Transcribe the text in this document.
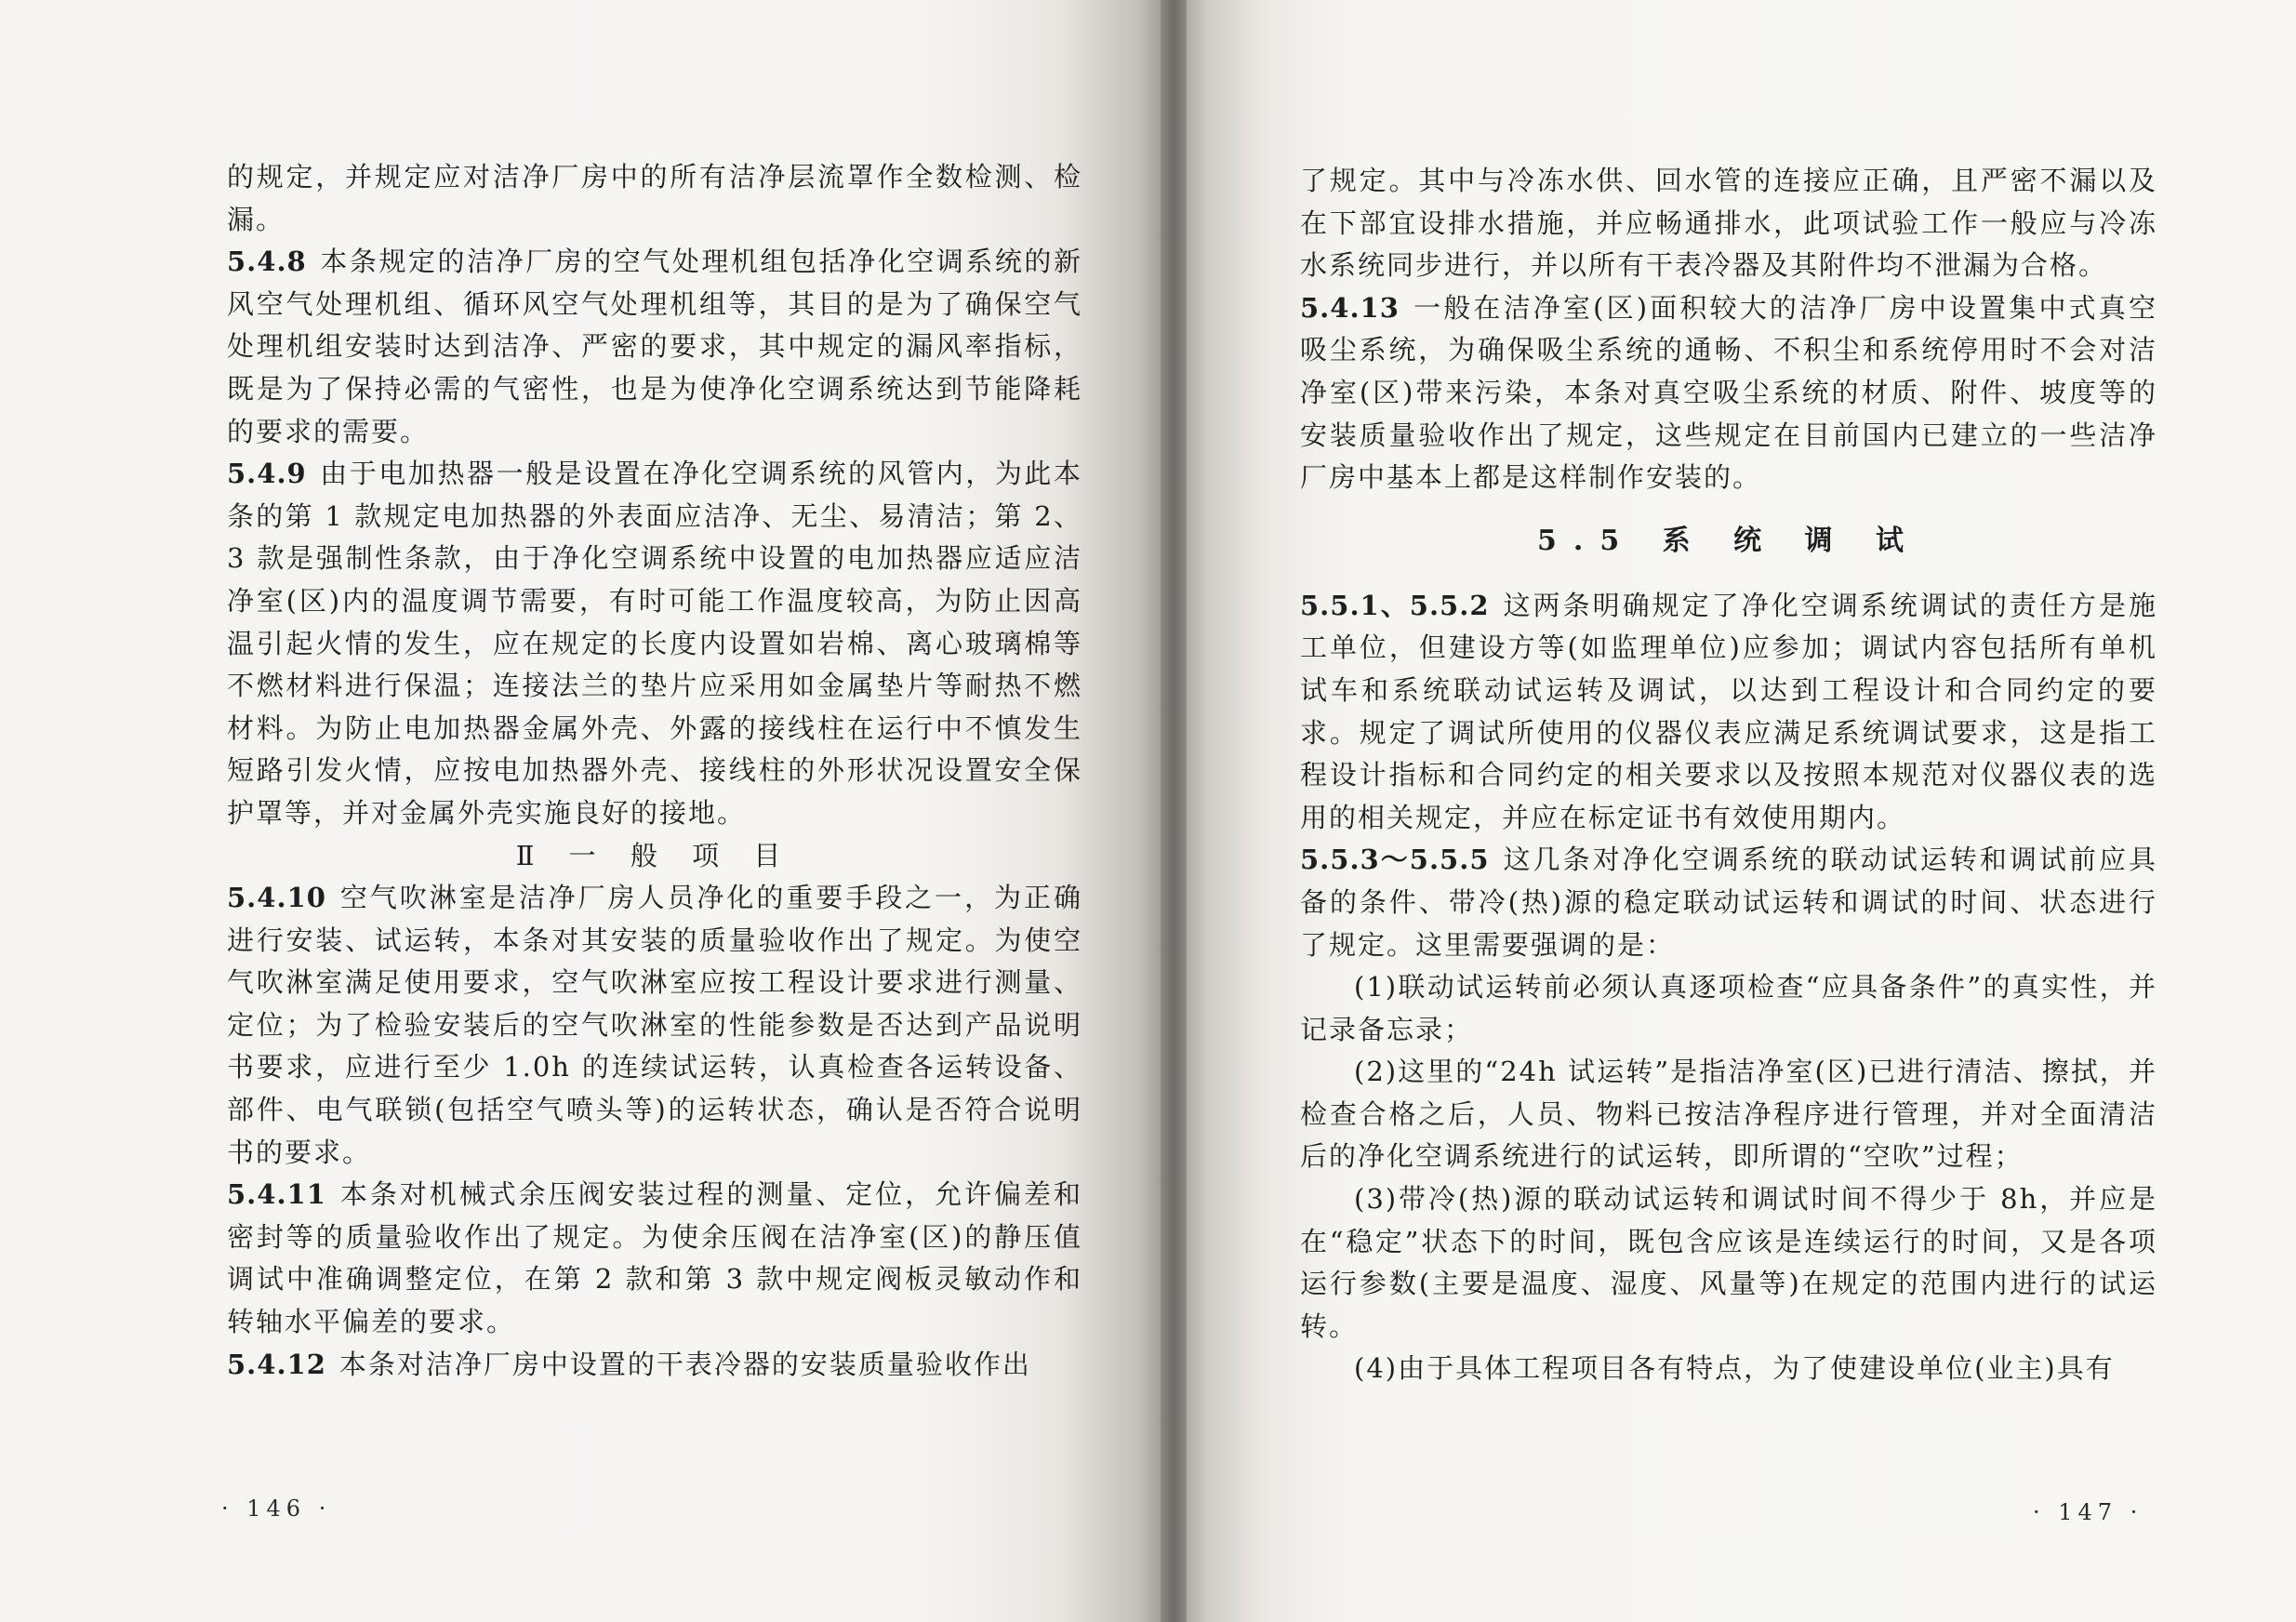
的规定，并规定应对洁净厂房中的所有洁净层流罩作全数检测、检漏。

5.4.8 本条规定的洁净厂房的空气处理机组包括净化空调系统的新风空气处理机组、循环风空气处理机组等，其目的是为了确保空气处理机组安装时达到洁净、严密的要求，其中规定的漏风率指标，既是为了保持必需的气密性，也是为使净化空调系统达到节能降耗的要求的需要。

5.4.9 由于电加热器一般是设置在净化空调系统的风管内，为此本条的第 1 款规定电加热器的外表面应洁净、无尘、易清洁；第 2、3 款是强制性条款，由于净化空调系统中设置的电加热器应适应洁净室(区)内的温度调节需要，有时可能工作温度较高，为防止因高温引起火情的发生，应在规定的长度内设置如岩棉、离心玻璃棉等不燃材料进行保温；连接法兰的垫片应采用如金属垫片等耐热不燃材料。为防止电加热器金属外壳、外露的接线柱在运行中不慎发生短路引发火情，应按电加热器外壳、接线柱的外形状况设置安全保护罩等，并对金属外壳实施良好的接地。

Ⅱ 一 般 项 目

5.4.10 空气吹淋室是洁净厂房人员净化的重要手段之一，为正确进行安装、试运转，本条对其安装的质量验收作出了规定。为使空气吹淋室满足使用要求，空气吹淋室应按工程设计要求进行测量、定位；为了检验安装后的空气吹淋室的性能参数是否达到产品说明书要求，应进行至少 1.0h 的连续试运转，认真检查各运转设备、部件、电气联锁(包括空气喷头等)的运转状态，确认是否符合说明书的要求。

5.4.11 本条对机械式余压阀安装过程的测量、定位，允许偏差和密封等的质量验收作出了规定。为使余压阀在洁净室(区)的静压值调试中准确调整定位，在第 2 款和第 3 款中规定阀板灵敏动作和转轴水平偏差的要求。

5.4.12 本条对洁净厂房中设置的干表冷器的安装质量验收作出

· 146 ·

了规定。其中与冷冻水供、回水管的连接应正确，且严密不漏以及在下部宜设排水措施，并应畅通排水，此项试验工作一般应与冷冻水系统同步进行，并以所有干表冷器及其附件均不泄漏为合格。

5.4.13 一般在洁净室(区)面积较大的洁净厂房中设置集中式真空吸尘系统，为确保吸尘系统的通畅、不积尘和系统停用时不会对洁净室(区)带来污染，本条对真空吸尘系统的材质、附件、坡度等的安装质量验收作出了规定，这些规定在目前国内已建立的一些洁净厂房中基本上都是这样制作安装的。

5.5 系 统 调 试

5.5.1、5.5.2 这两条明确规定了净化空调系统调试的责任方是施工单位，但建设方等(如监理单位)应参加；调试内容包括所有单机试车和系统联动试运转及调试，以达到工程设计和合同约定的要求。规定了调试所使用的仪器仪表应满足系统调试要求，这是指工程设计指标和合同约定的相关要求以及按照本规范对仪器仪表的选用的相关规定，并应在标定证书有效使用期内。

5.5.3～5.5.5 这几条对净化空调系统的联动试运转和调试前应具备的条件、带冷(热)源的稳定联动试运转和调试的时间、状态进行了规定。这里需要强调的是：

(1)联动试运转前必须认真逐项检查“应具备条件”的真实性，并记录备忘录；

(2)这里的“24h 试运转”是指洁净室(区)已进行清洁、擦拭，并检查合格之后，人员、物料已按洁净程序进行管理，并对全面清洁后的净化空调系统进行的试运转，即所谓的“空吹”过程；

(3)带冷(热)源的联动试运转和调试时间不得少于 8h，并应是在“稳定”状态下的时间，既包含应该是连续运行的时间，又是各项运行参数(主要是温度、湿度、风量等)在规定的范围内进行的试运转。

(4)由于具体工程项目各有特点，为了使建设单位(业主)具有

· 147 ·
